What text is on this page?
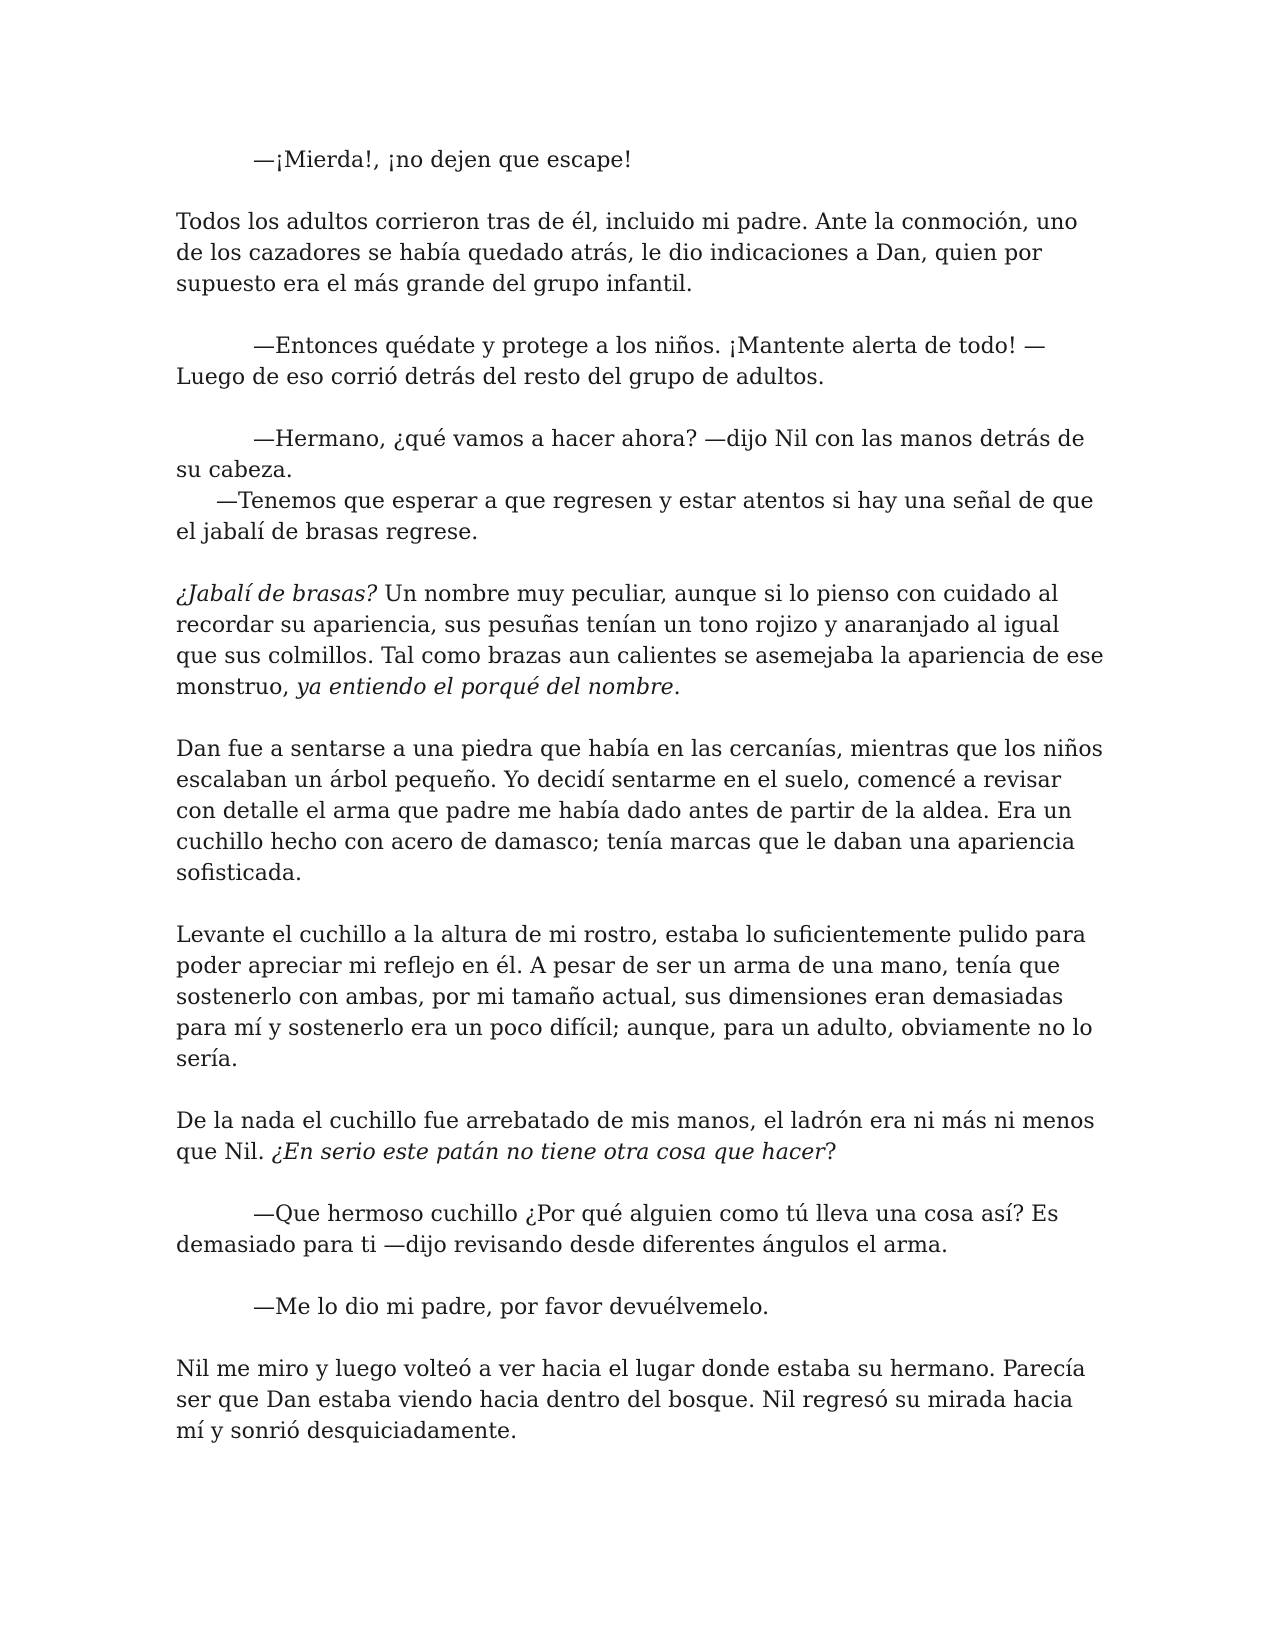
—¡Mierda!, ¡no dejen que escape!

Todos los adultos corrieron tras de él, incluido mi padre. Ante la conmoción, uno de los cazadores se había quedado atrás, le dio indicaciones a Dan, quien por supuesto era el más grande del grupo infantil.

—Entonces quédate y protege a los niños. ¡Mantente alerta de todo! —Luego de eso corrió detrás del resto del grupo de adultos.

—Hermano, ¿qué vamos a hacer ahora? —dijo Nil con las manos detrás de su cabeza.

—Tenemos que esperar a que regresen y estar atentos si hay una señal de que el jabalí de brasas regrese.

¿Jabalí de brasas? Un nombre muy peculiar, aunque si lo pienso con cuidado al recordar su apariencia, sus pesuñas tenían un tono rojizo y anaranjado al igual que sus colmillos. Tal como brazas aun calientes se asemejaba la apariencia de ese monstruo, ya entiendo el porqué del nombre.

Dan fue a sentarse a una piedra que había en las cercanías, mientras que los niños escalaban un árbol pequeño. Yo decidí sentarme en el suelo, comencé a revisar con detalle el arma que padre me había dado antes de partir de la aldea. Era un cuchillo hecho con acero de damasco; tenía marcas que le daban una apariencia sofisticada.

Levante el cuchillo a la altura de mi rostro, estaba lo suficientemente pulido para poder apreciar mi reflejo en él. A pesar de ser un arma de una mano, tenía que sostenerlo con ambas, por mi tamaño actual, sus dimensiones eran demasiadas para mí y sostenerlo era un poco difícil; aunque, para un adulto, obviamente no lo sería.

De la nada el cuchillo fue arrebatado de mis manos, el ladrón era ni más ni menos que Nil. ¿En serio este patán no tiene otra cosa que hacer?

—Que hermoso cuchillo ¿Por qué alguien como tú lleva una cosa así? Es demasiado para ti —dijo revisando desde diferentes ángulos el arma.

—Me lo dio mi padre, por favor devuélvemelo.

Nil me miro y luego volteó a ver hacia el lugar donde estaba su hermano. Parecía ser que Dan estaba viendo hacia dentro del bosque. Nil regresó su mirada hacia mí y sonrió desquiciadamente.
